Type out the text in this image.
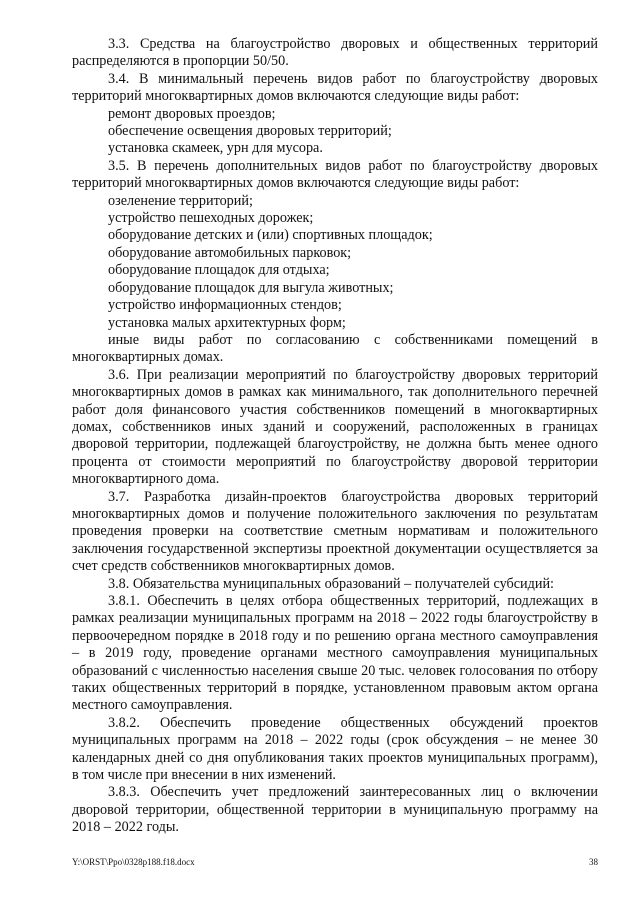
3.3. Средства на благоустройство дворовых и общественных территорий распределяются в пропорции 50/50.

3.4. В минимальный перечень видов работ по благоустройству дворовых территорий многоквартирных домов включаются следующие виды работ:

ремонт дворовых проездов;

обеспечение освещения дворовых территорий;

установка скамеек, урн для мусора.

3.5. В перечень дополнительных видов работ по благоустройству дворовых территорий многоквартирных домов включаются следующие виды работ:

озеленение территорий;

устройство пешеходных дорожек;

оборудование детских и (или) спортивных площадок;

оборудование автомобильных парковок;

оборудование площадок для отдыха;

оборудование площадок для выгула животных;

устройство информационных стендов;

установка малых архитектурных форм;

иные виды работ по согласованию с собственниками помещений в многоквартирных домах.

3.6. При реализации мероприятий по благоустройству дворовых территорий многоквартирных домов в рамках как минимального, так дополнительного перечней работ доля финансового участия собственников помещений в многоквартирных домах, собственников иных зданий и сооружений, расположенных в границах дворовой территории, подлежащей благоустройству, не должна быть менее одного процента от стоимости мероприятий по благоустройству дворовой территории многоквартирного дома.

3.7. Разработка дизайн-проектов благоустройства дворовых территорий многоквартирных домов и получение положительного заключения по результатам проведения проверки на соответствие сметным нормативам и положительного заключения государственной экспертизы проектной документации осуществляется за счет средств собственников многоквартирных домов.

3.8. Обязательства муниципальных образований – получателей субсидий:

3.8.1. Обеспечить в целях отбора общественных территорий, подлежащих в рамках реализации муниципальных программ на 2018 – 2022 годы благоустройству в первоочередном порядке в 2018 году и по решению органа местного самоуправления – в 2019 году, проведение органами местного самоуправления муниципальных образований с численностью населения свыше 20 тыс. человек голосования по отбору таких общественных территорий в порядке, установленном правовым актом органа местного самоуправления.

3.8.2. Обеспечить проведение общественных обсуждений проектов муниципальных программ на 2018 – 2022 годы (срок обсуждения – не менее 30 календарных дней со дня опубликования таких проектов муниципальных программ), в том числе при внесении в них изменений.

3.8.3. Обеспечить учет предложений заинтересованных лиц о включении дворовой территории, общественной территории в муниципальную программу на 2018 – 2022 годы.

Y:\ORST\Ppo\0328p188.f18.docx	38
